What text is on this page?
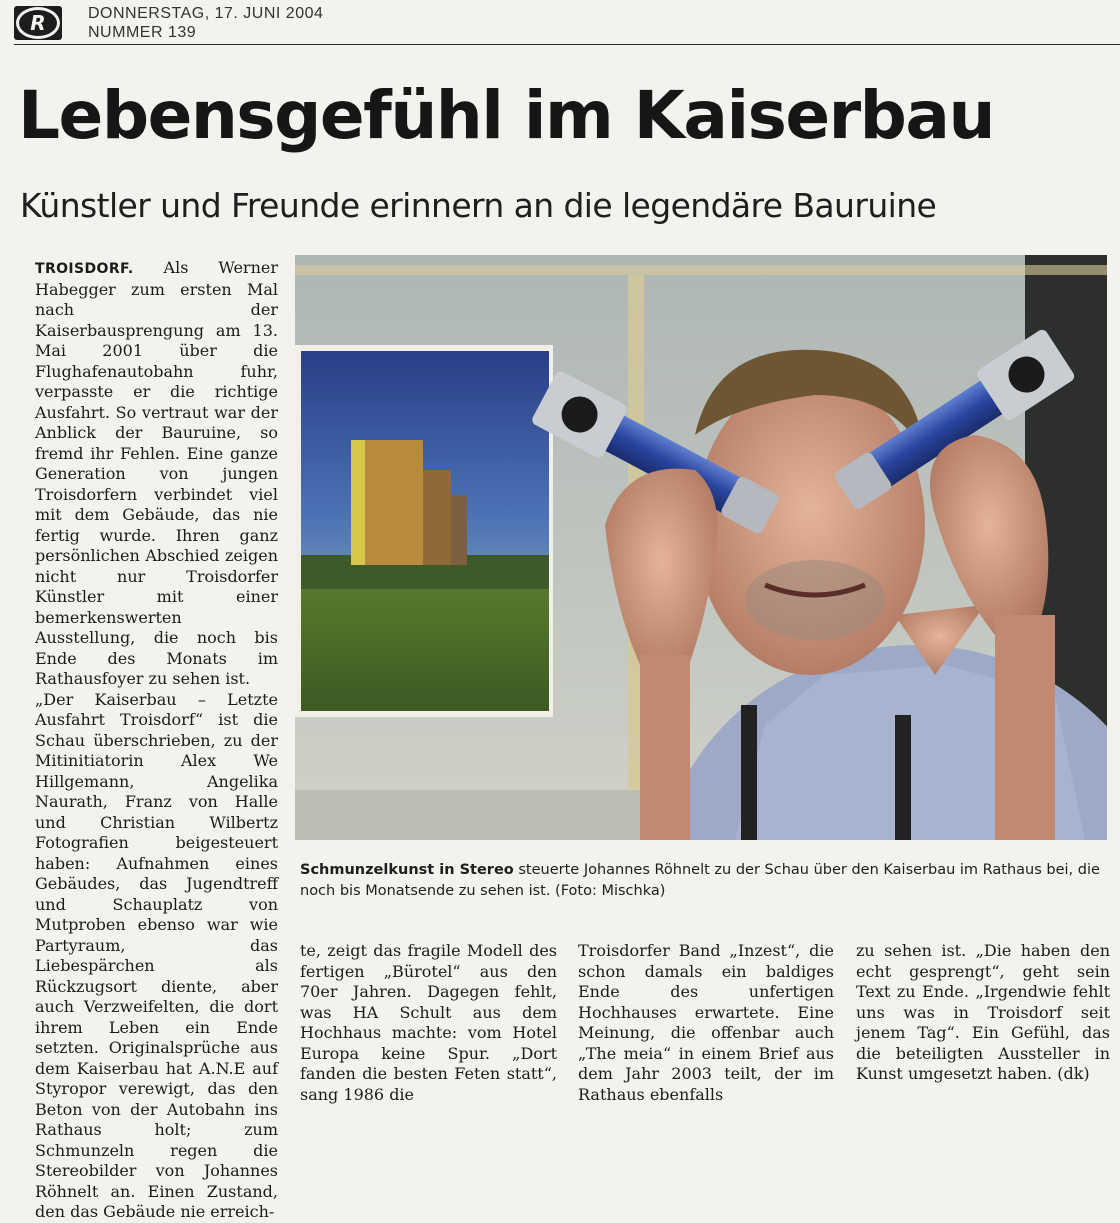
R	DONNERSTAG, 17. JUNI 2004
NUMMER 139
Lebensgefühl im Kaiserbau
Künstler und Freunde erinnern an die legendäre Bauruine

TROISDORF. Als Werner Habegger zum ersten Mal nach der Kaiserbausprengung am 13. Mai 2001 über die Flughafenautobahn fuhr, verpasste er die richtige Ausfahrt. So vertraut war der Anblick der Bauruine, so fremd ihr Fehlen. Eine ganze Generation von jungen Troisdorfern verbindet viel mit dem Gebäude, das nie fertig wurde. Ihren ganz persönlichen Abschied zeigen nicht nur Troisdorfer Künstler mit einer bemerkenswerten Ausstellung, die noch bis Ende des Monats im Rathausfoyer zu sehen ist.

„Der Kaiserbau – Letzte Ausfahrt Troisdorf“ ist die Schau überschrieben, zu der Mitinitiatorin Alex We Hillgemann, Angelika Naurath, Franz von Halle und Christian Wilbertz Fotografien beigesteuert haben: Aufnahmen eines Gebäudes, das Jugendtreff und Schauplatz von Mutproben ebenso war wie Partyraum, das Liebespärchen als Rückzugsort diente, aber auch Verzweifelten, die dort ihrem Leben ein Ende setzten. Originalsprüche aus dem Kaiserbau hat A.N.E auf Styropor verewigt, das den Beton von der Autobahn ins Rathaus holt; zum Schmunzeln regen die Stereobilder von Johannes Röhnelt an. Einen Zustand, den das Gebäude nie erreich-

Schmunzelkunst in Stereo steuerte Johannes Röhnelt zu der Schau über den Kaiserbau im Rathaus bei, die noch bis Monatsende zu sehen ist. (Foto: Mischka)

te, zeigt das fragile Modell des fertigen „Bürotel“ aus den 70er Jahren. Dagegen fehlt, was HA Schult aus dem Hochhaus machte: vom Hotel Europa keine Spur. „Dort fanden die besten Feten statt“, sang 1986 die

Troisdorfer Band „Inzest“, die schon damals ein baldiges Ende des unfertigen Hochhauses erwartete. Eine Meinung, die offenbar auch „The meia“ in einem Brief aus dem Jahr 2003 teilt, der im Rathaus ebenfalls

zu sehen ist. „Die haben den echt gesprengt“, geht sein Text zu Ende. „Irgendwie fehlt uns was in Troisdorf seit jenem Tag“. Ein Gefühl, das die beteiligten Aussteller in Kunst umgesetzt haben. (dk)
